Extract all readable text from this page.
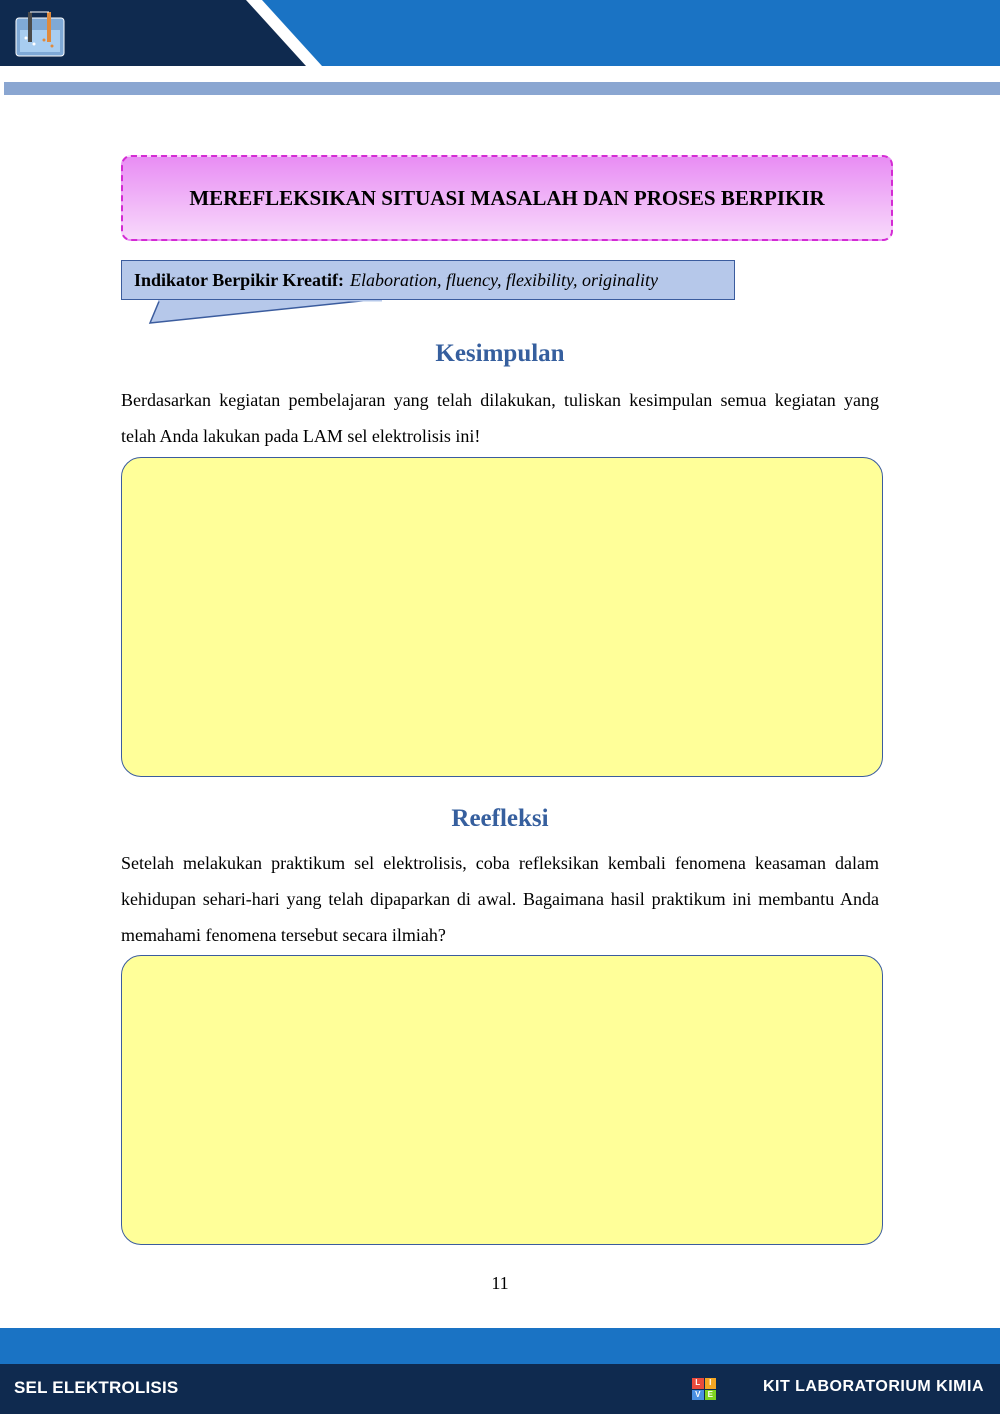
MEREFLEKSIKAN SITUASI MASALAH DAN PROSES BERPIKIR
Indikator Berpikir Kreatif: Elaboration, fluency, flexibility, originality
Kesimpulan

Berdasarkan kegiatan pembelajaran yang telah dilakukan, tuliskan kesimpulan semua kegiatan yang telah Anda lakukan pada LAM sel elektrolisis ini!

Reefleksi

Setelah melakukan praktikum sel elektrolisis, coba refleksikan kembali fenomena keasaman dalam kehidupan sehari-hari yang telah dipaparkan di awal. Bagaimana hasil praktikum ini membantu Anda memahami fenomena tersebut secara ilmiah?

11
SEL ELEKTROLISIS	L	I
V E	KIT LABORATORIUM KIMIA
